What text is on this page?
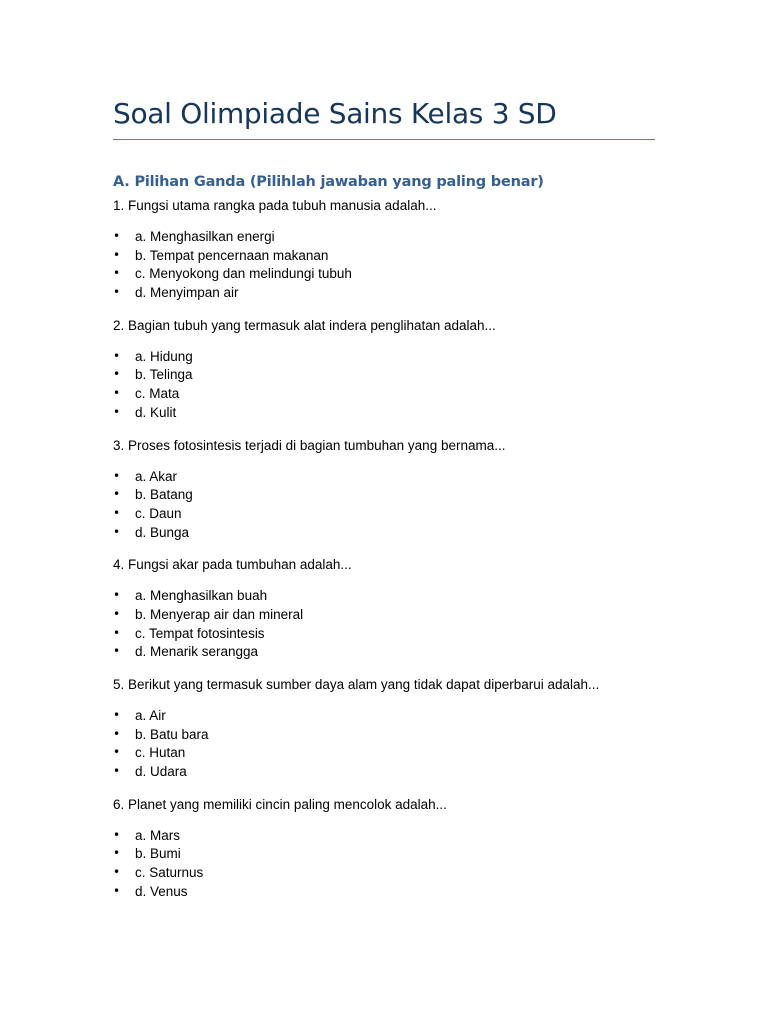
Soal Olimpiade Sains Kelas 3 SD
A. Pilihan Ganda (Pilihlah jawaban yang paling benar)

1. Fungsi utama rangka pada tubuh manusia adalah...

• a. Menghasilkan energi
• b. Tempat pencernaan makanan
• c. Menyokong dan melindungi tubuh
• d. Menyimpan air

2. Bagian tubuh yang termasuk alat indera penglihatan adalah...

• a. Hidung
• b. Telinga
• c. Mata
• d. Kulit

3. Proses fotosintesis terjadi di bagian tumbuhan yang bernama...

• a. Akar
• b. Batang
• c. Daun
• d. Bunga

4. Fungsi akar pada tumbuhan adalah...

• a. Menghasilkan buah
• b. Menyerap air dan mineral
• c. Tempat fotosintesis
• d. Menarik serangga

5. Berikut yang termasuk sumber daya alam yang tidak dapat diperbarui adalah...

• a. Air
• b. Batu bara
• c. Hutan
• d. Udara

6. Planet yang memiliki cincin paling mencolok adalah...

• a. Mars
• b. Bumi
• c. Saturnus
• d. Venus
